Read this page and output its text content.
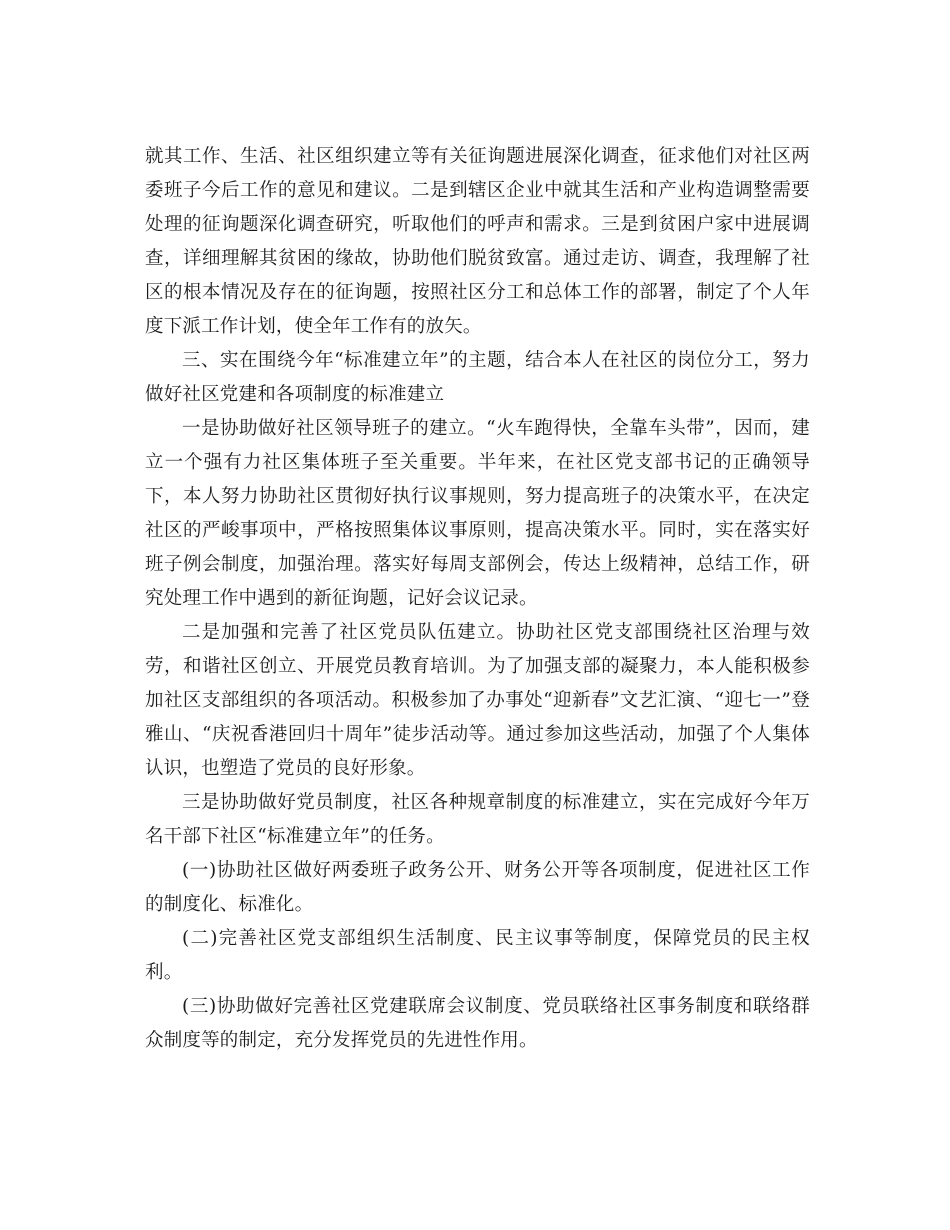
就其工作、生活、社区组织建立等有关征询题进展深化调查，征求他们对社区两委班子今后工作的意见和建议。二是到辖区企业中就其生活和产业构造调整需要处理的征询题深化调查研究，听取他们的呼声和需求。三是到贫困户家中进展调查，详细理解其贫困的缘故，协助他们脱贫致富。通过走访、调查，我理解了社区的根本情况及存在的征询题，按照社区分工和总体工作的部署，制定了个人年度下派工作计划，使全年工作有的放矢。

三、实在围绕今年“标准建立年”的主题，结合本人在社区的岗位分工，努力做好社区党建和各项制度的标准建立

一是协助做好社区领导班子的建立。“火车跑得快，全靠车头带”，因而，建立一个强有力社区集体班子至关重要。半年来，在社区党支部书记的正确领导下，本人努力协助社区贯彻好执行议事规则，努力提高班子的决策水平，在决定社区的严峻事项中，严格按照集体议事原则，提高决策水平。同时，实在落实好班子例会制度，加强治理。落实好每周支部例会，传达上级精神，总结工作，研究处理工作中遇到的新征询题，记好会议记录。

二是加强和完善了社区党员队伍建立。协助社区党支部围绕社区治理与效劳，和谐社区创立、开展党员教育培训。为了加强支部的凝聚力，本人能积极参加社区支部组织的各项活动。积极参加了办事处“迎新春”文艺汇演、“迎七一”登雅山、“庆祝香港回归十周年”徒步活动等。通过参加这些活动，加强了个人集体认识，也塑造了党员的良好形象。

三是协助做好党员制度，社区各种规章制度的标准建立，实在完成好今年万名干部下社区“标准建立年”的任务。

(一)协助社区做好两委班子政务公开、财务公开等各项制度，促进社区工作的制度化、标准化。

(二)完善社区党支部组织生活制度、民主议事等制度，保障党员的民主权利。

(三)协助做好完善社区党建联席会议制度、党员联络社区事务制度和联络群众制度等的制定，充分发挥党员的先进性作用。
